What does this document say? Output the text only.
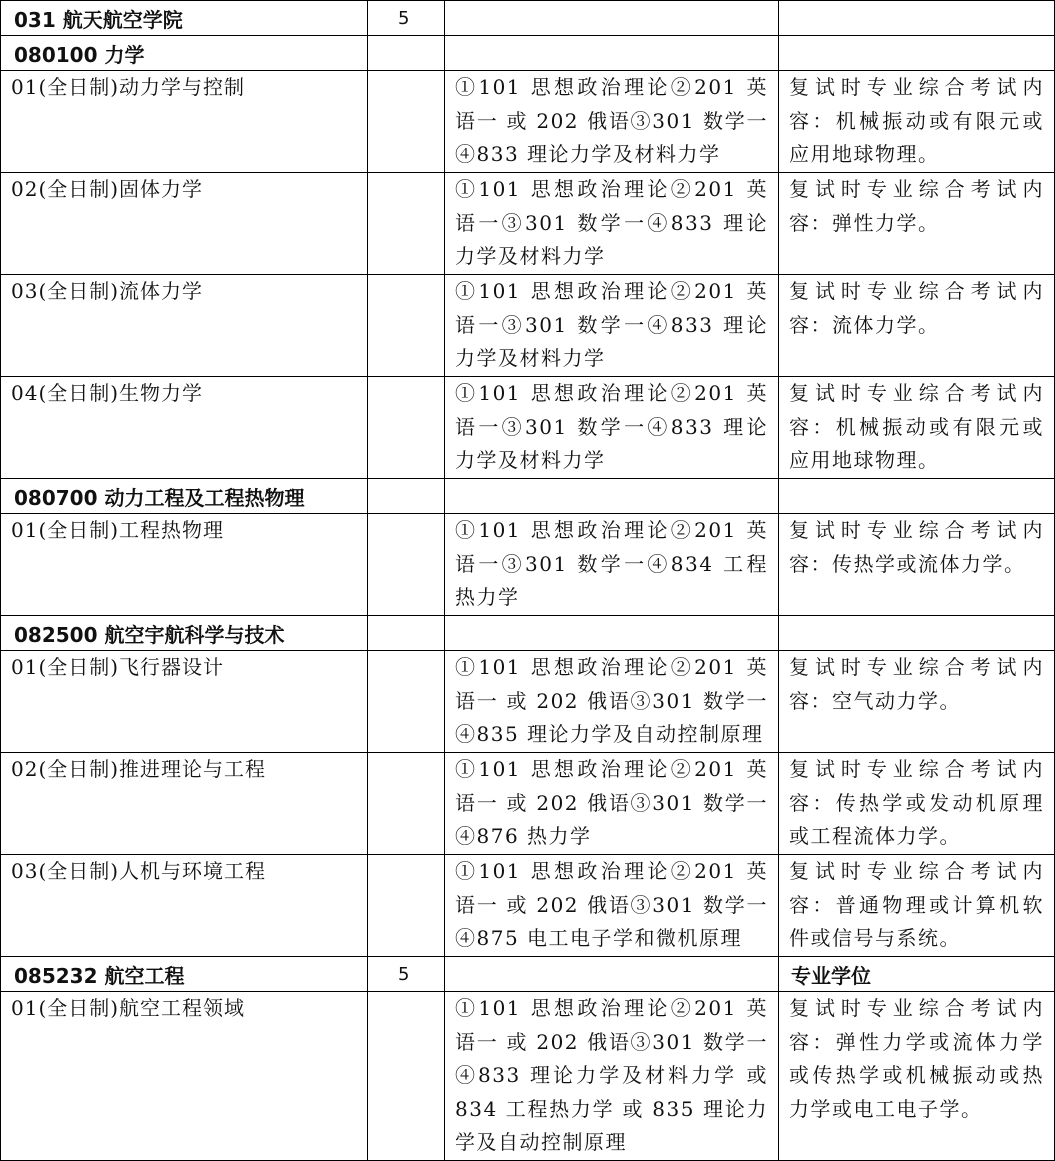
031 航天航空学院	5		
080100 力学			
01(全日制)动力学与控制		①101 思想政治理论②201 英语一 或 202 俄语③301 数学一④833 理论力学及材料力学	复试时专业综合考试内容：机械振动或有限元或应用地球物理。
02(全日制)固体力学		①101 思想政治理论②201 英语一③301 数学一④833 理论力学及材料力学	复试时专业综合考试内容：弹性力学。
03(全日制)流体力学		①101 思想政治理论②201 英语一③301 数学一④833 理论力学及材料力学	复试时专业综合考试内容：流体力学。
04(全日制)生物力学		①101 思想政治理论②201 英语一③301 数学一④833 理论力学及材料力学	复试时专业综合考试内容：机械振动或有限元或应用地球物理。
080700 动力工程及工程热物理			
01(全日制)工程热物理		①101 思想政治理论②201 英语一③301 数学一④834 工程热力学	复试时专业综合考试内容：传热学或流体力学。
082500 航空宇航科学与技术			
01(全日制)飞行器设计		①101 思想政治理论②201 英语一 或 202 俄语③301 数学一④835 理论力学及自动控制原理	复试时专业综合考试内容：空气动力学。
02(全日制)推进理论与工程		①101 思想政治理论②201 英语一 或 202 俄语③301 数学一④876 热力学	复试时专业综合考试内容：传热学或发动机原理或工程流体力学。
03(全日制)人机与环境工程		①101 思想政治理论②201 英语一 或 202 俄语③301 数学一④875 电工电子学和微机原理	复试时专业综合考试内容：普通物理或计算机软件或信号与系统。
085232 航空工程	5		专业学位
01(全日制)航空工程领域		①101 思想政治理论②201 英语一 或 202 俄语③301 数学一④833 理论力学及材料力学 或 834 工程热力学 或 835 理论力学及自动控制原理	复试时专业综合考试内容：弹性力学或流体力学或传热学或机械振动或热力学或电工电子学。
